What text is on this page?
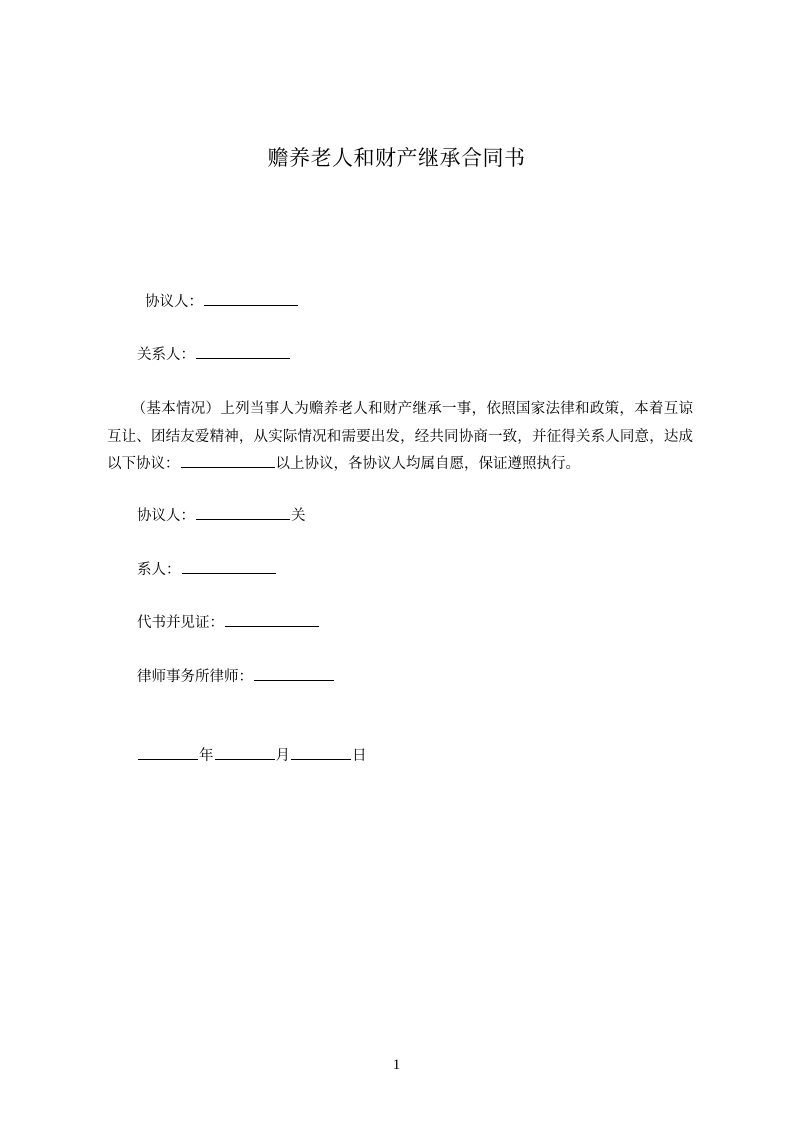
赡养老人和财产继承合同书
协议人：
关系人：
（基本情况）上列当事人为赡养老人和财产继承一事，依照国家法律和政策，本着互谅互让、团结友爱精神，从实际情况和需要出发，经共同协商一致，并征得关系人同意，达成以下协议：	以上协议，各协议人均属自愿，保证遵照执行。
协议人：	关
系人：
代书并见证：
律师事务所律师：
年	月	日
1
